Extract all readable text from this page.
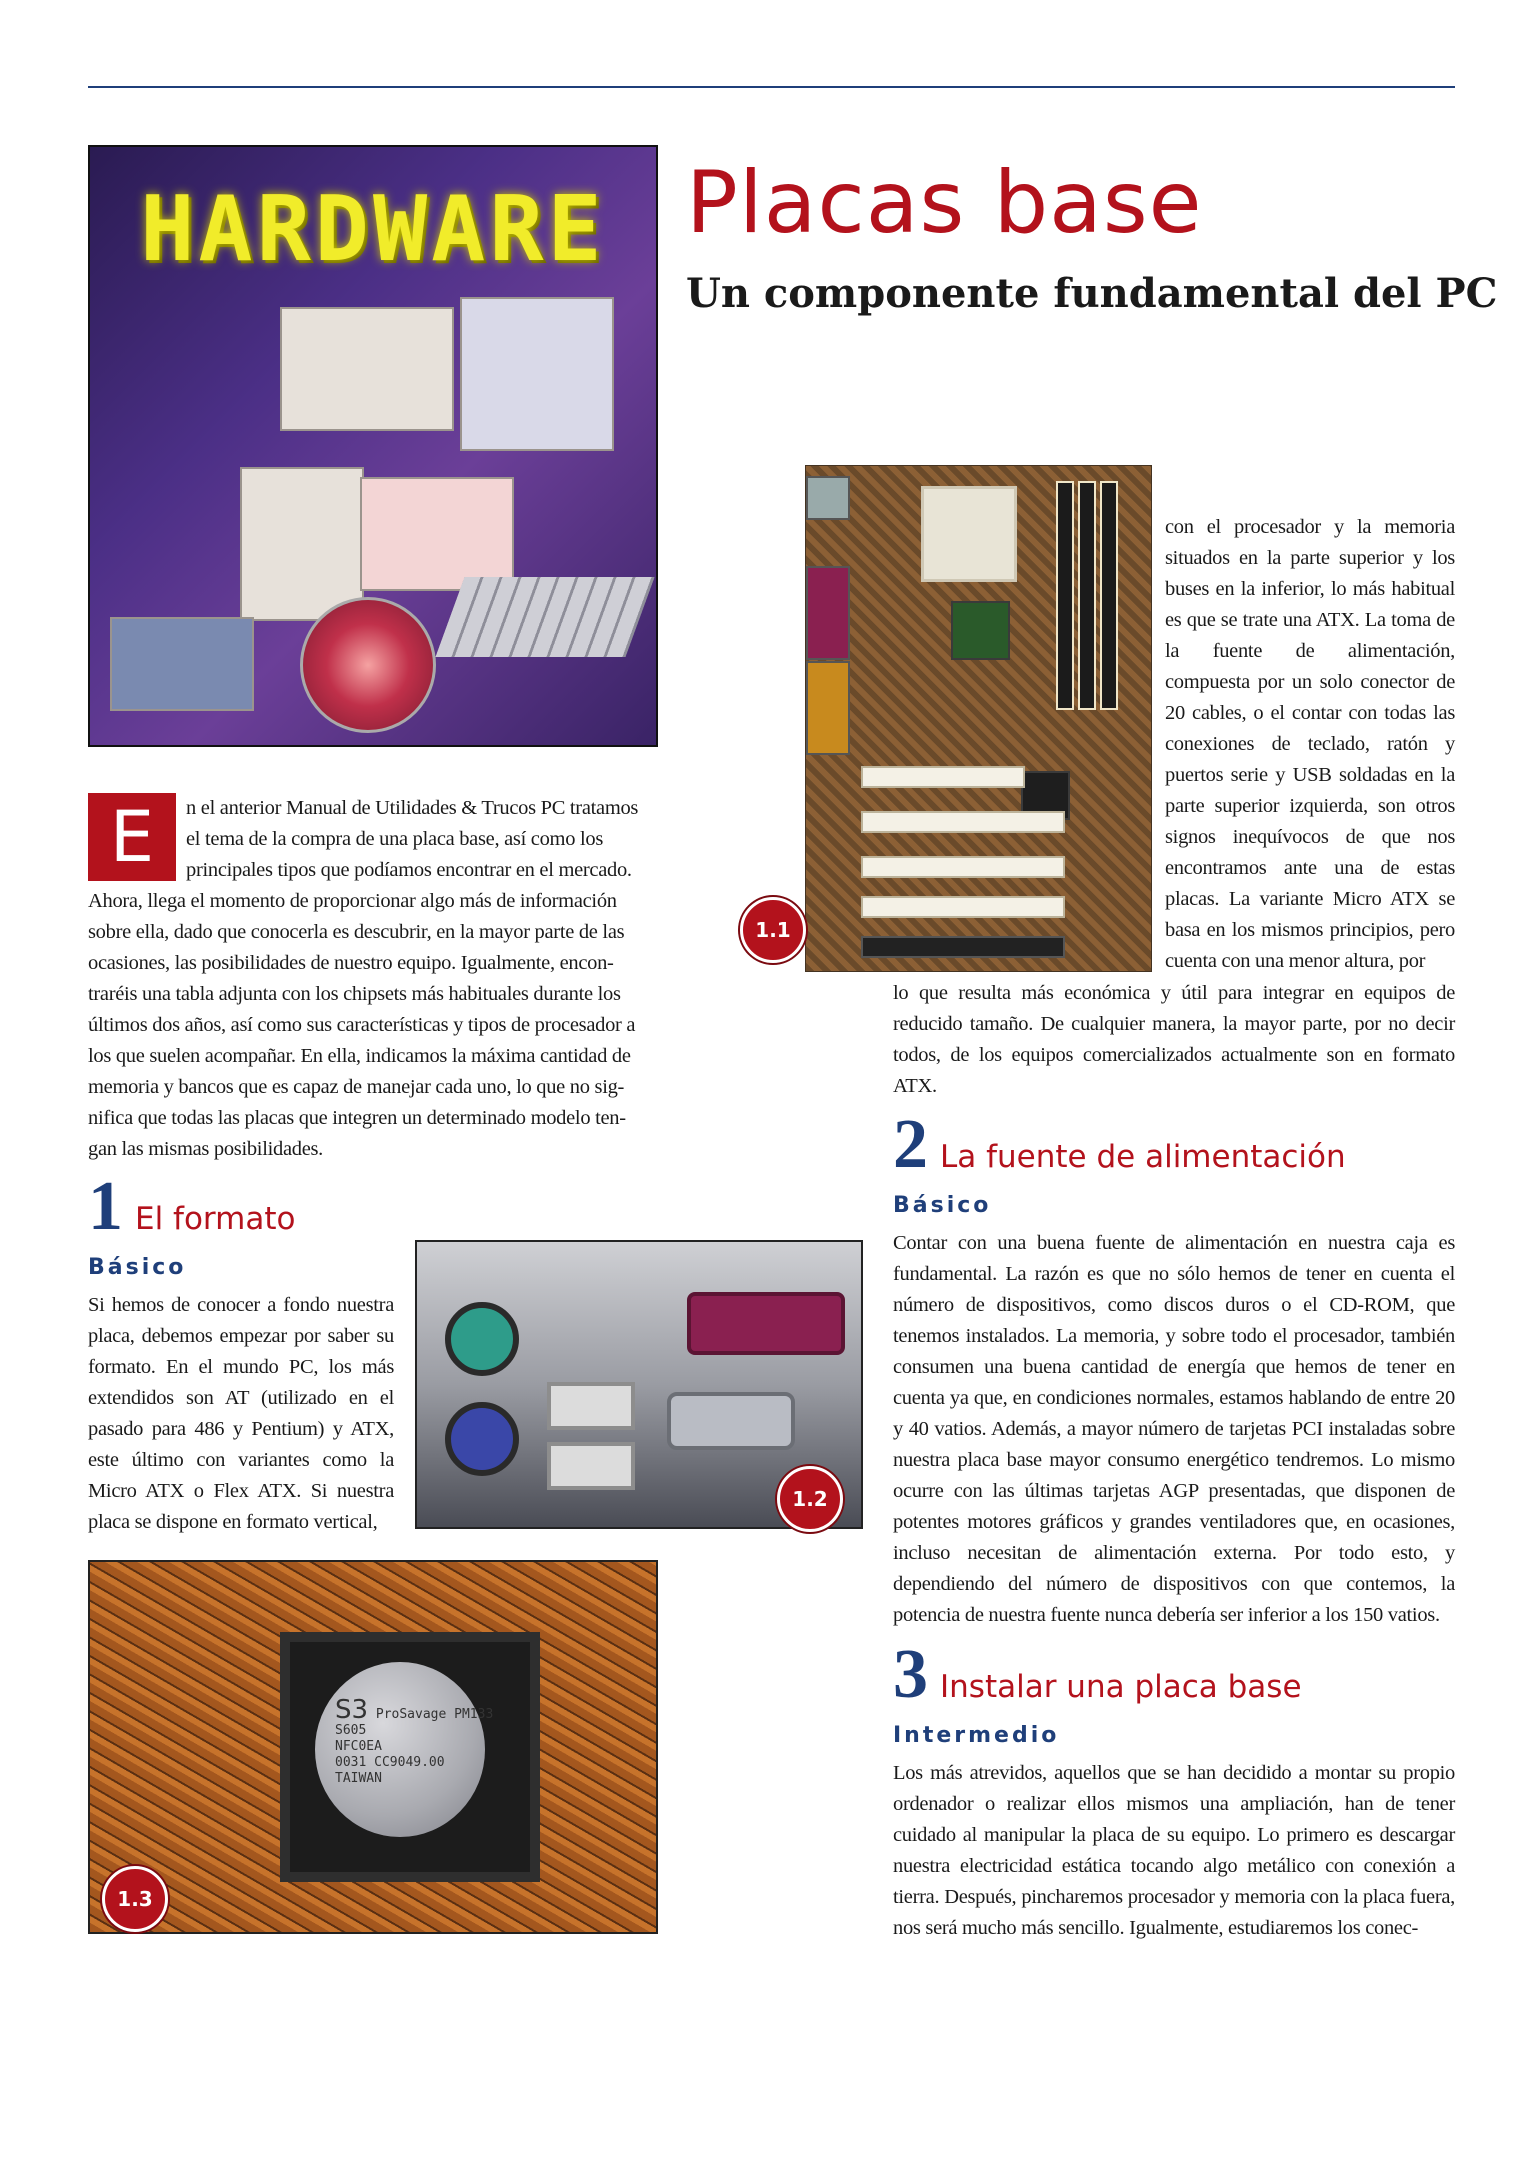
HARDWARE Placas base
Un componente fundamental del PC
1.1
E	n el anterior Manual de Utilidades & Trucos PC tratamos
el tema de la compra de una placa base, así como los
principales tipos que podíamos encontrar en el mercado.
Ahora, llega el momento de proporcionar algo más de información
sobre ella, dado que conocerla es descubrir, en la mayor parte de las
ocasiones, las posibilidades de nuestro equipo. Igualmente, encon-
traréis una tabla adjunta con los chipsets más habituales durante los
últimos dos años, así como sus características y tipos de procesador a
los que suelen acompañar. En ella, indicamos la máxima cantidad de
memoria y bancos que es capaz de manejar cada uno, lo que no sig-
nifica que todas las placas que integren un determinado modelo ten-
gan las mismas posibilidades.
1 El formato
Básico

Si hemos de conocer a fondo nuestra placa, debemos empezar por saber su formato. En el mundo PC, los más extendidos son AT (utilizado en el pasado para 486 y Pentium) y ATX, este último con variantes como la Micro ATX o Flex ATX. Si nuestra placa se dispone en formato vertical,

con el procesador y la memoria situados en la parte superior y los buses en la inferior, lo más habitual es que se trate una ATX. La toma de la fuente de alimentación, compuesta por un solo conector de 20 cables, o el contar con todas las conexiones de teclado, ratón y puertos serie y USB soldadas en la parte superior izquierda, son otros signos inequívocos de que nos encontramos ante una de estas placas. La variante Micro ATX se basa en los mismos principios, pero cuenta con una menor altura, por

lo que resulta más económica y útil para integrar en equipos de reducido tamaño. De cualquier manera, la mayor parte, por no decir todos, de los equipos comercializados actualmente son en formato ATX.

1.2
S3 ProSavage PM133
S605
NFC0EA
0031 CC9049.00
TAIWAN
1.3
2 La fuente de alimentación
Básico

Contar con una buena fuente de alimentación en nuestra caja es fundamental. La razón es que no sólo hemos de tener en cuenta el número de dispositivos, como discos duros o el CD-ROM, que tenemos instalados. La memoria, y sobre todo el procesador, también consumen una buena cantidad de energía que hemos de tener en cuenta ya que, en condiciones normales, estamos hablando de entre 20 y 40 vatios. Además, a mayor número de tarjetas PCI instaladas sobre nuestra placa base mayor consumo energético tendremos. Lo mismo ocurre con las últimas tarjetas AGP presentadas, que disponen de potentes motores gráficos y grandes ventiladores que, en ocasiones, incluso necesitan de alimentación externa. Por todo esto, y dependiendo del número de dispositivos con que contemos, la potencia de nuestra fuente nunca debería ser inferior a los 150 vatios.

3 Instalar una placa base
Intermedio

Los más atrevidos, aquellos que se han decidido a montar su propio ordenador o realizar ellos mismos una ampliación, han de tener cuidado al manipular la placa de su equipo. Lo primero es descargar nuestra electricidad estática tocando algo metálico con conexión a tierra. Después, pincharemos procesador y memoria con la placa fuera, nos será mucho más sencillo. Igualmente, estudiaremos los conec-
